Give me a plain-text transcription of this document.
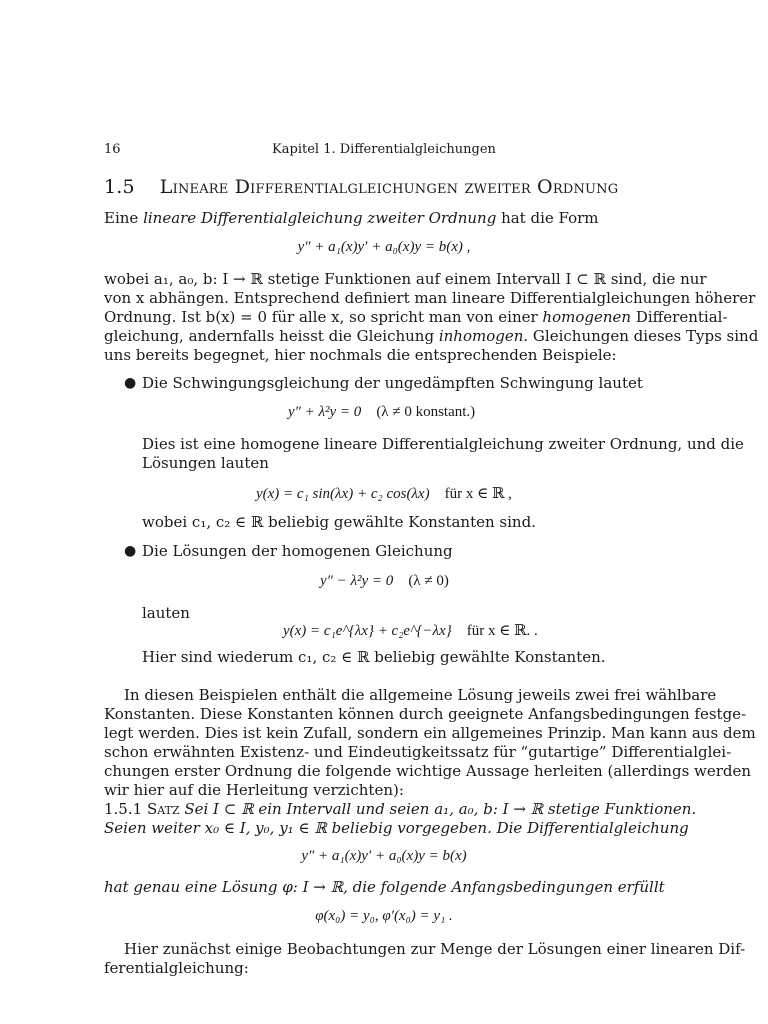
16	Kapitel 1. Differentialgleichungen
1.5 Lineare Differentialgleichungen zweiter Ordnung
Eine lineare Differentialgleichung zweiter Ordnung hat die Form
y″ + a₁(x)y′ + a₀(x)y = b(x) ,
wobei a₁, a₀, b: I → ℝ stetige Funktionen auf einem Intervall I ⊂ ℝ sind, die nur
von x abhängen. Entsprechend definiert man lineare Differentialgleichungen höherer
Ordnung. Ist b(x) = 0 für alle x, so spricht man von einer homogenen Differential-
gleichung, andernfalls heisst die Gleichung inhomogen. Gleichungen dieses Typs sind
uns bereits begegnet, hier nochmals die entsprechenden Beispiele:
● Die Schwingungsgleichung der ungedämpften Schwingung lautet
y″ + λ²y = 0 (λ ≠ 0 konstant.)
Dies ist eine homogene lineare Differentialgleichung zweiter Ordnung, und die
Lösungen lauten
y(x) = c₁ sin(λx) + c₂ cos(λx) für x ∈ ℝ ,
wobei c₁, c₂ ∈ ℝ beliebig gewählte Konstanten sind.
● Die Lösungen der homogenen Gleichung
y″ − λ²y = 0 (λ ≠ 0)
lauten
y(x) = c₁e^{λx} + c₂e^{−λx} für x ∈ ℝ. .
Hier sind wiederum c₁, c₂ ∈ ℝ beliebig gewählte Konstanten.
In diesen Beispielen enthält die allgemeine Lösung jeweils zwei frei wählbare
Konstanten. Diese Konstanten können durch geeignete Anfangsbedingungen festge-
legt werden. Dies ist kein Zufall, sondern ein allgemeines Prinzip. Man kann aus dem
schon erwähnten Existenz- und Eindeutigkeitssatz für “gutartige” Differentialglei-
chungen erster Ordnung die folgende wichtige Aussage herleiten (allerdings werden
wir hier auf die Herleitung verzichten):
1.5.1 Satz Sei I ⊂ ℝ ein Intervall und seien a₁, a₀, b: I → ℝ stetige Funktionen.
Seien weiter x₀ ∈ I, y₀, y₁ ∈ ℝ beliebig vorgegeben. Die Differentialgleichung
y″ + a₁(x)y′ + a₀(x)y = b(x)
hat genau eine Lösung φ: I → ℝ, die folgende Anfangsbedingungen erfüllt
φ(x₀) = y₀, φ′(x₀) = y₁ .
Hier zunächst einige Beobachtungen zur Menge der Lösungen einer linearen Dif-
ferentialgleichung:
